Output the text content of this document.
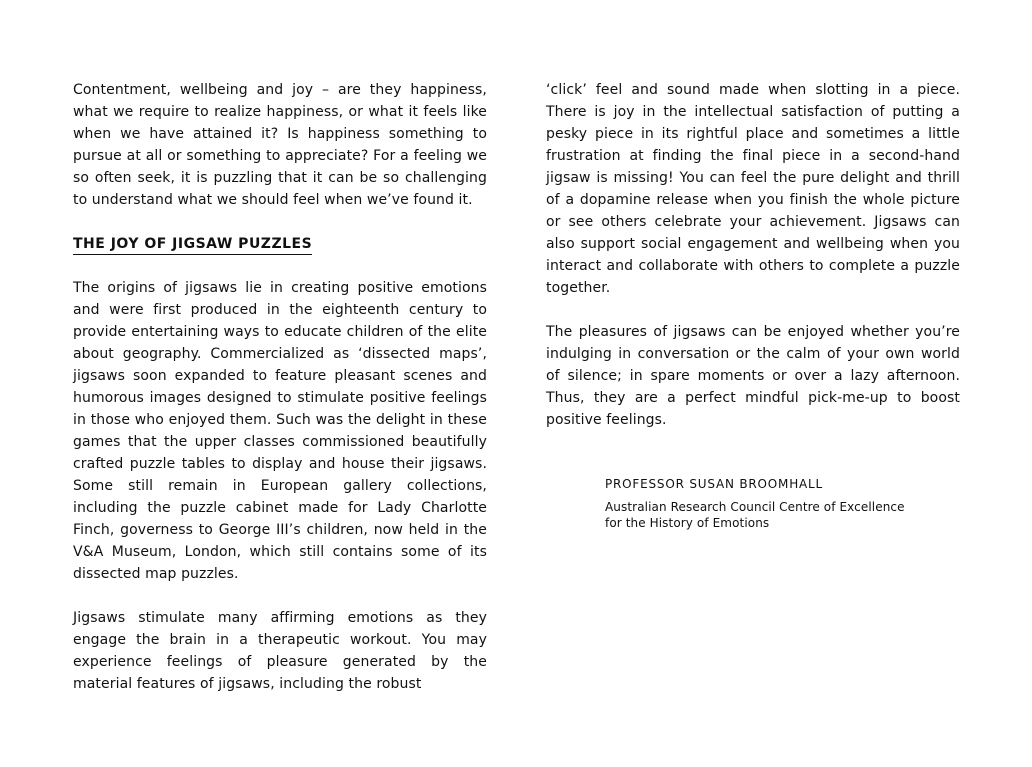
Contentment, wellbeing and joy – are they happiness, what we require to realize happiness, or what it feels like when we have attained it? Is happiness something to pursue at all or something to appreciate? For a feeling we so often seek, it is puzzling that it can be so challenging to understand what we should feel when we’ve found it.

THE JOY OF JIGSAW PUZZLES

The origins of jigsaws lie in creating positive emotions and were first produced in the eighteenth century to provide entertaining ways to educate children of the elite about geography. Commercialized as ‘dissected maps’, jigsaws soon expanded to feature pleasant scenes and humorous images designed to stimulate positive feelings in those who enjoyed them. Such was the delight in these games that the upper classes commissioned beautifully crafted puzzle tables to display and house their jigsaws. Some still remain in European gallery collections, including the puzzle cabinet made for Lady Charlotte Finch, governess to George III’s children, now held in the V&A Museum, London, which still contains some of its dissected map puzzles.

Jigsaws stimulate many affirming emotions as they engage the brain in a therapeutic workout. You may experience feelings of pleasure generated by the material features of jigsaws, including the robust

‘click’ feel and sound made when slotting in a piece. There is joy in the intellectual satisfaction of putting a pesky piece in its rightful place and sometimes a little frustration at finding the final piece in a second-hand jigsaw is missing! You can feel the pure delight and thrill of a dopamine release when you finish the whole picture or see others celebrate your achievement. Jigsaws can also support social engagement and wellbeing when you interact and collaborate with others to complete a puzzle together.

The pleasures of jigsaws can be enjoyed whether you’re indulging in conversation or the calm of your own world of silence; in spare moments or over a lazy afternoon. Thus, they are a perfect mindful pick-me-up to boost positive feelings.

PROFESSOR SUSAN BROOMHALL

Australian Research Council Centre of Excellence

for the History of Emotions
